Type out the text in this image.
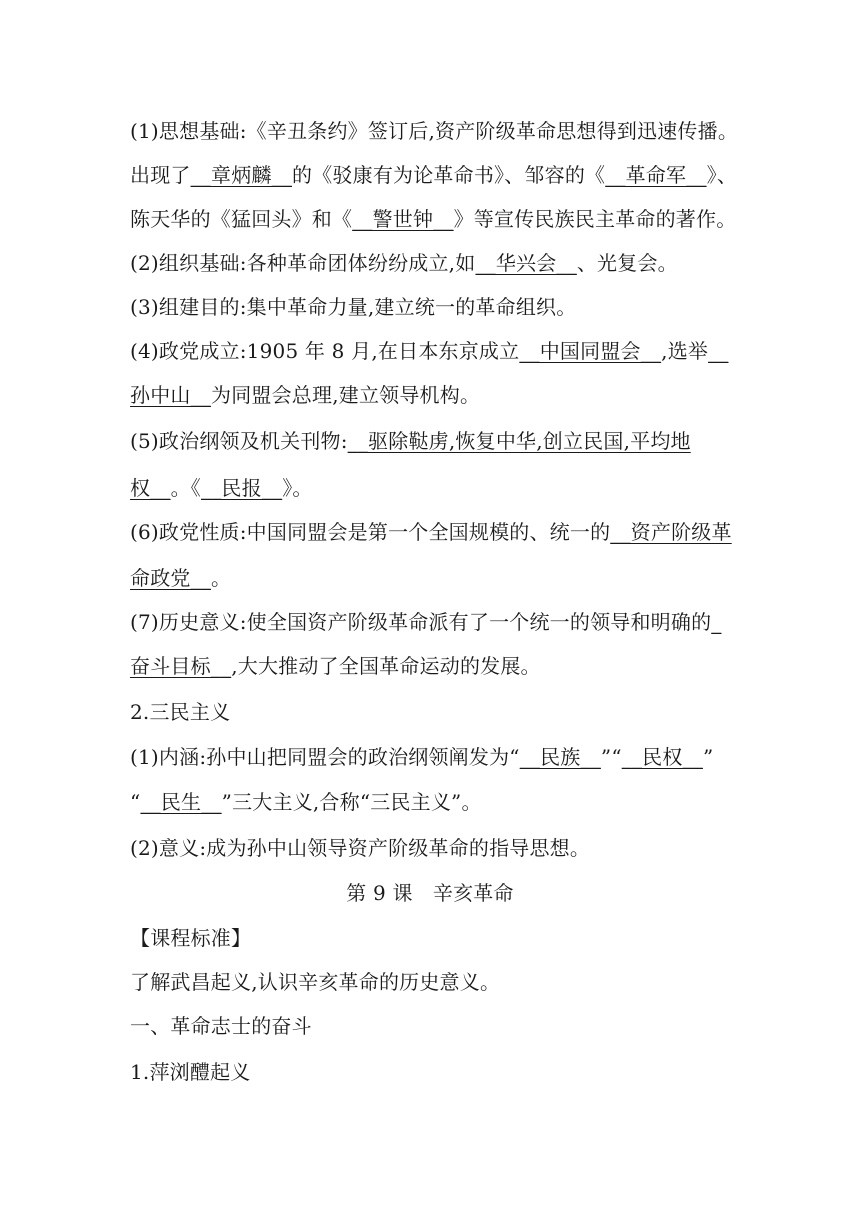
(1)思想基础:《辛丑条约》签订后,资产阶级革命思想得到迅速传播。
出现了__章炳麟__的《驳康有为论革命书》、邹容的《__革命军__》、
陈天华的《猛回头》和《__警世钟__》等宣传民族民主革命的著作。
(2)组织基础:各种革命团体纷纷成立,如__华兴会__、光复会。
(3)组建目的:集中革命力量,建立统一的革命组织。
(4)政党成立:1905 年 8 月,在日本东京成立__中国同盟会__,选举__
孙中山__为同盟会总理,建立领导机构。
(5)政治纲领及机关刊物:__驱除鞑虏,恢复中华,创立民国,平均地
权__。《__民报__》。
(6)政党性质:中国同盟会是第一个全国规模的、统一的__资产阶级革
命政党__。
(7)历史意义:使全国资产阶级革命派有了一个统一的领导和明确的_
奋斗目标__,大大推动了全国革命运动的发展。
2.三民主义
(1)内涵:孙中山把同盟会的政治纲领阐发为“__民族__”“__民权__”
“__民生__”三大主义,合称“三民主义”。
(2)意义:成为孙中山领导资产阶级革命的指导思想。
第 9 课　辛亥革命
【课程标准】
了解武昌起义,认识辛亥革命的历史意义。
一、革命志士的奋斗
1.萍浏醴起义
